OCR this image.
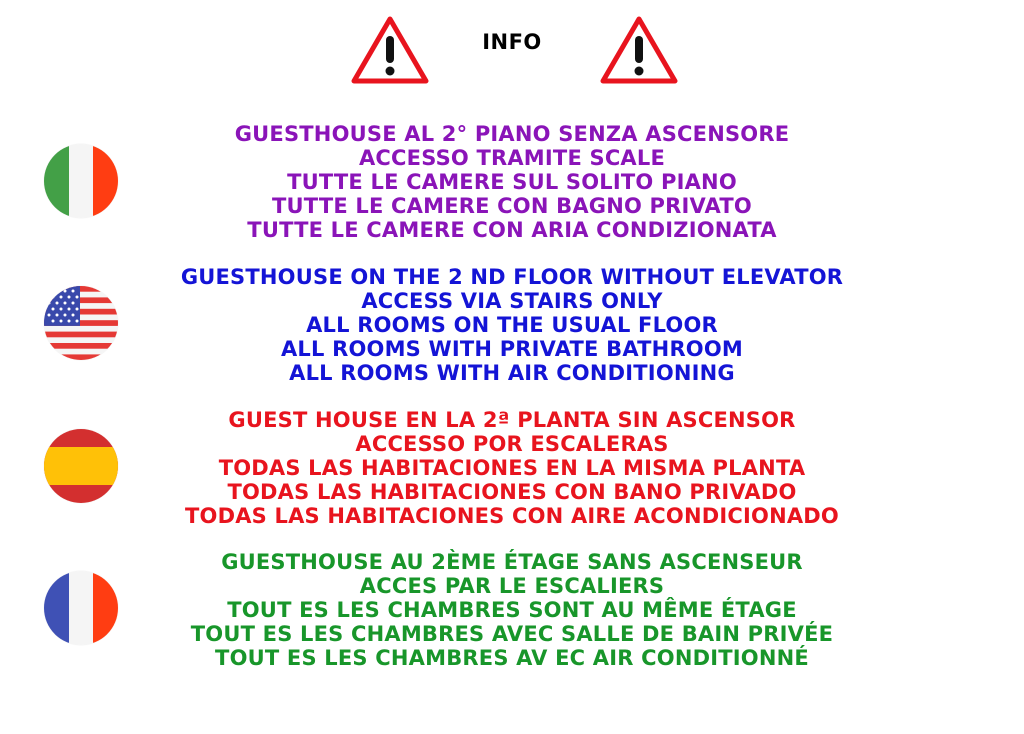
INFO
GUESTHOUSE AL 2° PIANO SENZA ASCENSORE
ACCESSO TRAMITE SCALE
TUTTE LE CAMERE SUL SOLITO PIANO
TUTTE LE CAMERE CON BAGNO PRIVATO
TUTTE LE CAMERE CON ARIA CONDIZIONATA
GUESTHOUSE ON THE 2 ND FLOOR WITHOUT ELEVATOR
ACCESS VIA STAIRS ONLY
ALL ROOMS ON THE USUAL FLOOR
ALL ROOMS WITH PRIVATE BATHROOM
ALL ROOMS WITH AIR CONDITIONING
GUEST HOUSE EN LA 2ª PLANTA SIN ASCENSOR
ACCESSO POR ESCALERAS
TODAS LAS HABITACIONES EN LA MISMA PLANTA
TODAS LAS HABITACIONES CON BANO PRIVADO
TODAS LAS HABITACIONES CON AIRE ACONDICIONADO
GUESTHOUSE AU 2ÈME ÉTAGE SANS ASCENSEUR
ACCES PAR LE ESCALIERS
TOUT ES LES CHAMBRES SONT AU MÊME ÉTAGE
TOUT ES LES CHAMBRES AVEC SALLE DE BAIN PRIVÉE
TOUT ES LES CHAMBRES AV EC AIR CONDITIONNÉ
